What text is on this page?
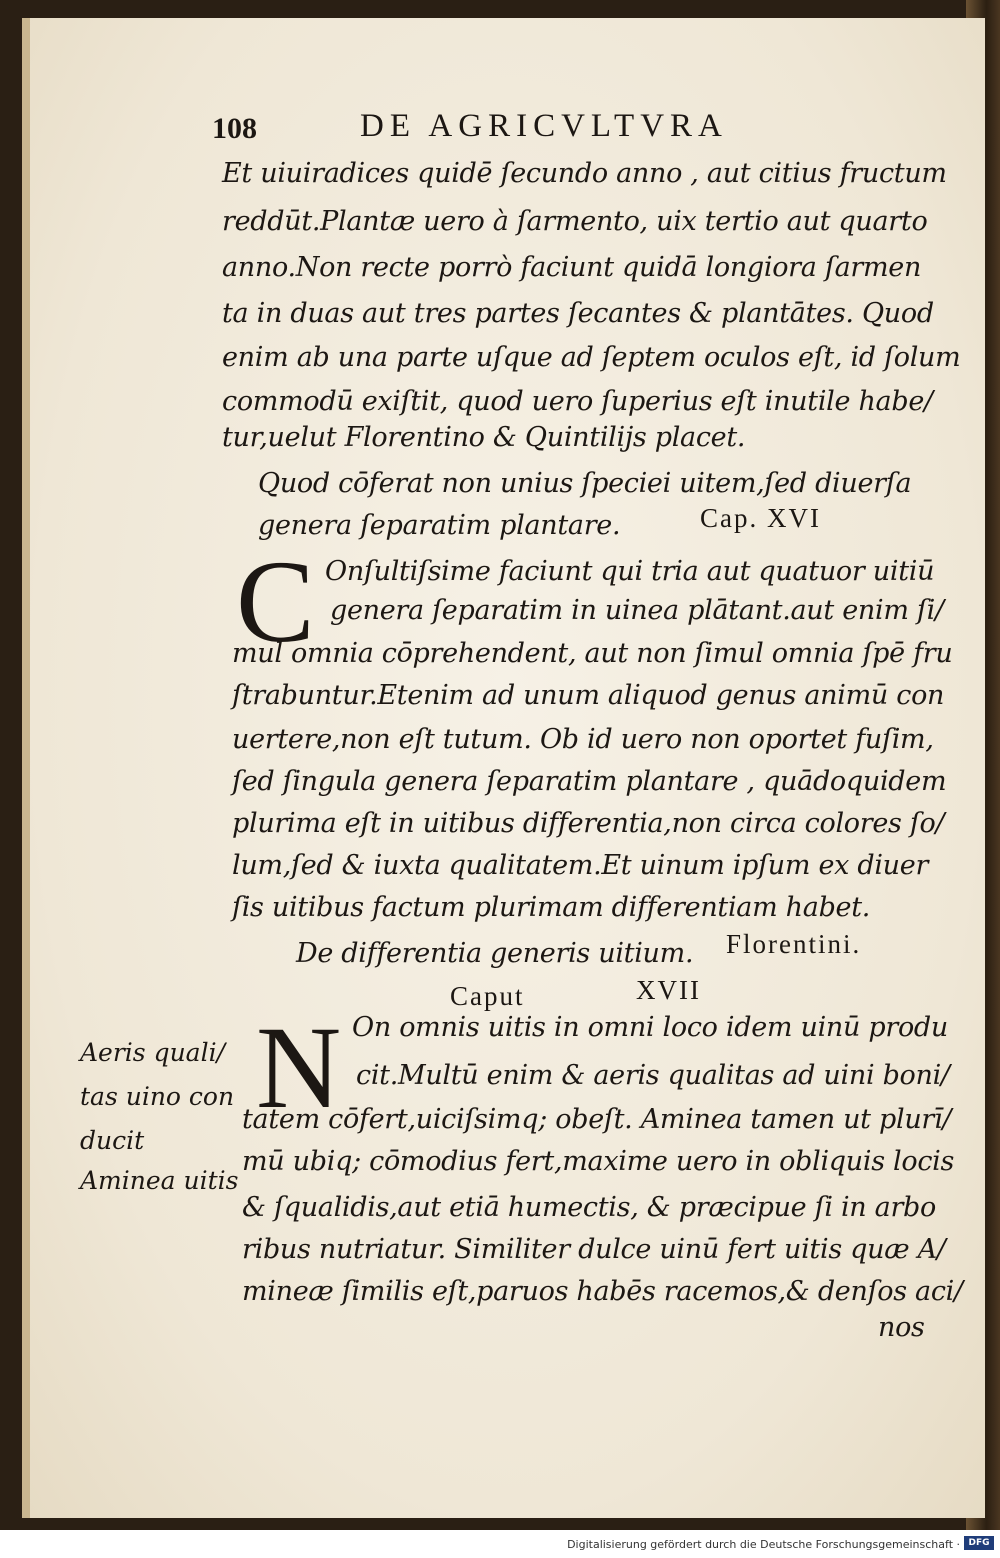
108	DE AGRICVLTVRA
Et uiuiradices quidē ſecundo anno , aut citius fructum
reddūt.Plantæ uero à ſarmento, uix tertio aut quarto
anno.Non recte porrò faciunt quidā longiora ſarmen
ta in duas aut tres partes ſecantes & plantātes. Quod
enim ab una parte uſque ad ſeptem oculos eſt, id ſolum
commodū exiſtit, quod uero ſuperius eſt inutile habe/
tur,uelut Florentino & Quintilijs placet.
Quod cōferat non unius ſpeciei uitem,ſed diuerſa
genera ſeparatim plantare.	Cap. XVI
C Onſultiſsime faciunt qui tria aut quatuor uitiū
genera ſeparatim in uinea plātant.aut enim ſi/
mul omnia cōprehendent, aut non ſimul omnia ſpē fru
ſtrabuntur.Etenim ad unum aliquod genus animū con
uertere,non eſt tutum. Ob id uero non oportet fuſim,
ſed ſingula genera ſeparatim plantare , quādoquidem
plurima eſt in uitibus differentia,non circa colores ſo/
lum,ſed & iuxta qualitatem.Et uinum ipſum ex diuer
ſis uitibus factum plurimam differentiam habet.
De differentia generis uitium. Florentini.
Caput	XVII
Aeris quali/
tas uino con
ducit
Aminea uitis
N On omnis uitis in omni loco idem uinū produ
cit.Multū enim & aeris qualitas ad uini boni/
tatem cōfert,uiciſsimq; obeſt. Aminea tamen ut plurī/
mū ubiq; cōmodius fert,maxime uero in obliquis locis
& ſqualidis,aut etiā humectis, & præcipue ſi in arbo
ribus nutriatur. Similiter dulce uinū fert uitis quæ A/
mineæ ſimilis eſt,paruos habēs racemos,& denſos aci/
nos
Digitalisierung gefördert durch die Deutsche Forschungsgemeinschaft · DFG
